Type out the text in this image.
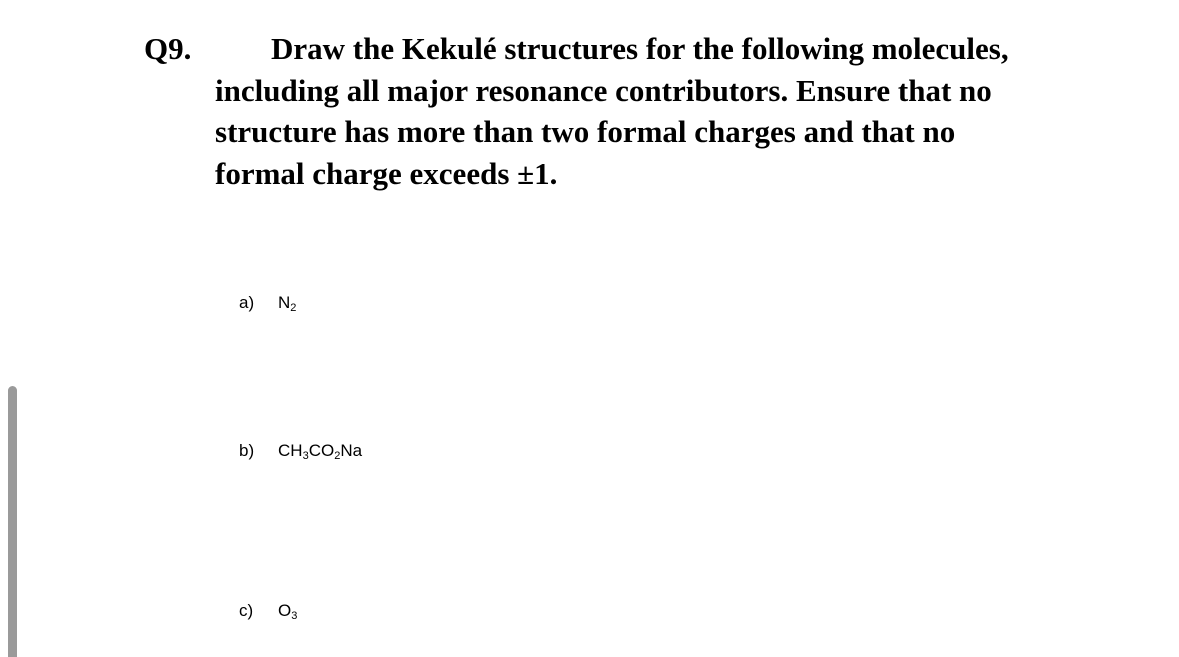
Q9.	Draw the Kekulé structures for the following molecules, including all major resonance contributors. Ensure that no structure has more than two formal charges and that no formal charge exceeds ±1.
a) $N_2$
b) $CH_3CO_2Na$
c) $O_3$
